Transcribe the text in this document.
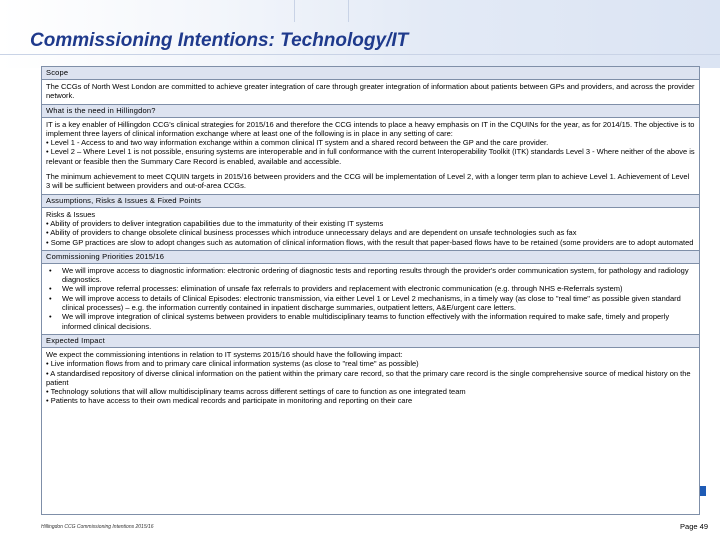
Commissioning Intentions: Technology/IT
Scope

The CCGs of North West London are committed to achieve greater integration of care through greater integration of information about patients between GPs and providers, and across the provider network.

What is the need in Hillingdon?

IT is a key enabler of Hillingdon CCG's clinical strategies for 2015/16 and therefore the CCG intends to place a heavy emphasis on IT in the CQUINs for the year, as for 2014/15. The objective is to implement three layers of clinical information exchange where at least one of the following is in place in any setting of care:

• Level 1 - Access to and two way information exchange within a common clinical IT system and a shared record between the GP and the care provider.

• Level 2 – Where Level 1 is not possible, ensuring systems are interoperable and in full conformance with the current Interoperability Toolkit (ITK) standards Level 3 - Where neither of the above is relevant or feasible then the Summary Care Record is enabled, available and accessible.

The minimum achievement to meet CQUIN targets in 2015/16 between providers and the CCG will be implementation of Level 2, with a longer term plan to achieve Level 1. Achievement of Level 3 will be sufficient between providers and out-of-area CCGs.

Assumptions, Risks & Issues & Fixed Points

Risks & Issues

• Ability of providers to deliver integration capabilities due to the immaturity of their existing IT systems

• Ability of providers to change obsolete clinical business processes which introduce unnecessary delays and are dependent on unsafe technologies such as fax

• Some GP practices are slow to adopt changes such as automation of clinical information flows, with the result that paper-based flows have to be retained (some providers are to adopt automated

Commissioning Priorities 2015/16
• We will improve access to diagnostic information: electronic ordering of diagnostic tests and reporting results through the provider's order communication system, for pathology and radiology diagnostics.
• We will improve referral processes: elimination of unsafe fax referrals to providers and replacement with electronic communication (e.g. through NHS e-Referrals system)
• We will improve access to details of Clinical Episodes: electronic transmission, via either Level 1 or Level 2 mechanisms, in a timely way (as close to "real time" as possible given standard clinical processes) – e.g. the information currently contained in inpatient discharge summaries, outpatient letters, A&E/urgent care letters.
• We will improve integration of clinical systems between providers to enable multidisciplinary teams to function effectively with the information required to make safe, timely and properly informed clinical decisions.
Expected Impact

We expect the commissioning intentions in relation to IT systems 2015/16 should have the following impact:

• Live information flows from and to primary care clinical information systems (as close to "real time" as possible)

• A standardised repository of diverse clinical information on the patient within the primary care record, so that the primary care record is the single comprehensive source of medical history on the patient

• Technology solutions that will allow multidisciplinary teams across different settings of care to function as one integrated team

• Patients to have access to their own medical records and participate in monitoring and reporting on their care

Hillingdon CCG Commissioning Intentions 2015/16	Page 49
